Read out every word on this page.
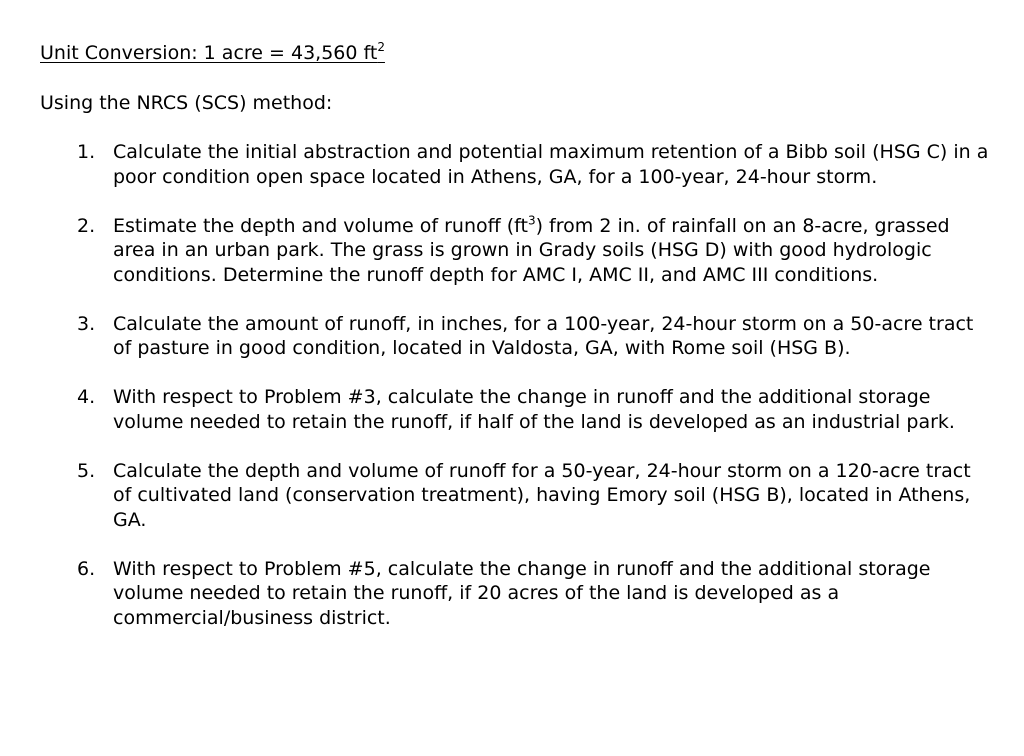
Unit Conversion: 1 acre = 43,560 $ft^2$

Using the NRCS (SCS) method:

1. Calculate the initial abstraction and potential maximum retention of a Bibb soil (HSG C) in a poor condition open space located in Athens, GA, for a 100-year, 24-hour storm.
2. Estimate the depth and volume of runoff $(ft^3)$ from 2 in. of rainfall on an 8-acre, grassed area in an urban park. The grass is grown in Grady soils (HSG D) with good hydrologic conditions. Determine the runoff depth for AMC I, AMC II, and AMC III conditions.
3. Calculate the amount of runoff, in inches, for a 100-year, 24-hour storm on a 50-acre tract of pasture in good condition, located in Valdosta, GA, with Rome soil (HSG B).
4. With respect to Problem #3, calculate the change in runoff and the additional storage volume needed to retain the runoff, if half of the land is developed as an industrial park.
5. Calculate the depth and volume of runoff for a 50-year, 24-hour storm on a 120-acre tract of cultivated land (conservation treatment), having Emory soil (HSG B), located in Athens, GA.
6. With respect to Problem #5, calculate the change in runoff and the additional storage volume needed to retain the runoff, if 20 acres of the land is developed as a commercial/business district.
